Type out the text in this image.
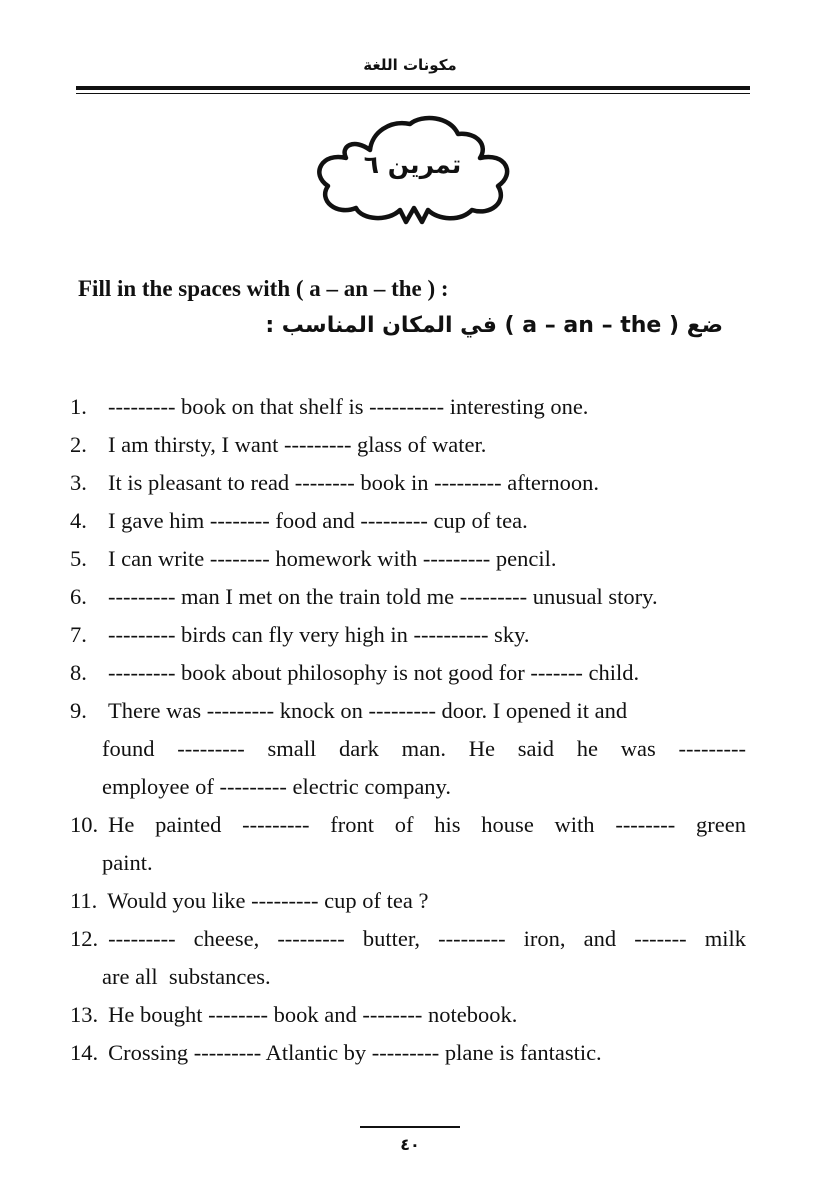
مكونات اللغة
تمرين ٦
Fill in the spaces with ( a – an – the ) :
ضع ( a – an – the ) في المكان المناسب :
1. --------- book on that shelf is ---------- interesting one.
2. I am thirsty, I want --------- glass of water.
3. It is pleasant to read -------- book in --------- afternoon.
4. I gave him -------- food and --------- cup of tea.
5. I can write -------- homework with --------- pencil.
6. --------- man I met on the train told me --------- unusual story.
7. --------- birds can fly very high in ---------- sky.
8. --------- book about philosophy is not good for ------- child.
9. There was --------- knock on --------- door. I opened it and
found --------- small dark man. He said he was ---------
employee of --------- electric company.
10. He painted --------- front of his house with -------- green
paint.
11. Would you like --------- cup of tea ?
12. --------- cheese, --------- butter, --------- iron, and ------- milk
are all  substances.
13. He bought -------- book and -------- notebook.
14. Crossing --------- Atlantic by --------- plane is fantastic.
٤٠
